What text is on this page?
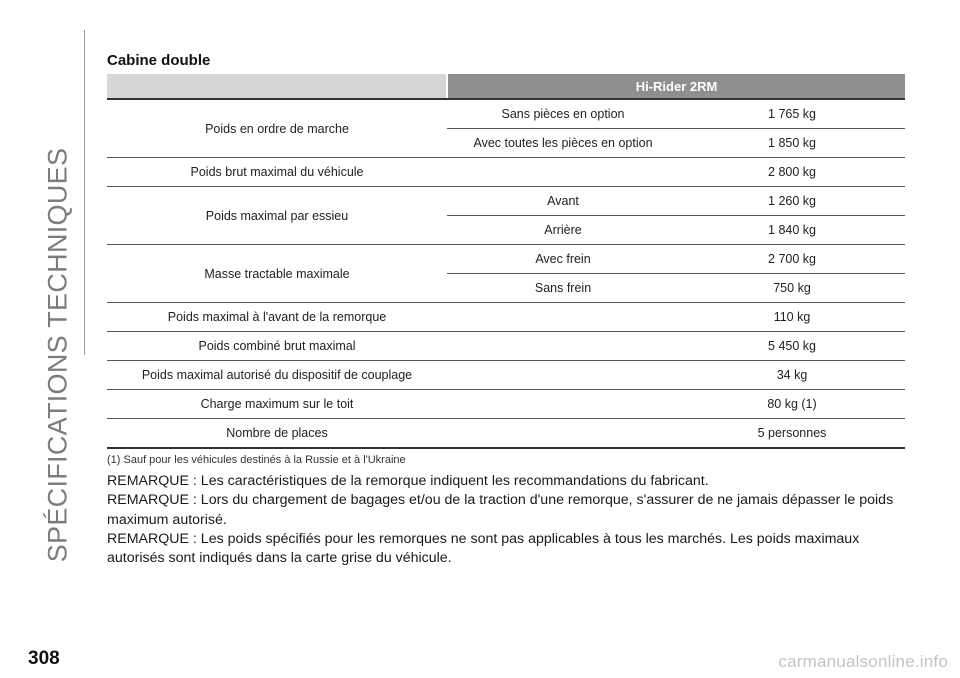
SPÉCIFICATIONS TECHNIQUES
Cabine double
	Hi-Rider 2RM	
Poids en ordre de marche	Sans pièces en option	1 765 kg
	Avec toutes les pièces en option	1 850 kg
Poids brut maximal du véhicule		2 800 kg
Poids maximal par essieu	Avant	1 260 kg
	Arrière	1 840 kg
Masse tractable maximale	Avec frein	2 700 kg
	Sans frein	750 kg
Poids maximal à l'avant de la remorque		110 kg
Poids combiné brut maximal		5 450 kg
Poids maximal autorisé du dispositif de couplage		34 kg
Charge maximum sur le toit		80 kg (1)
Nombre de places		5 personnes
(1) Sauf pour les véhicules destinés à la Russie et à l'Ukraine

REMARQUE : Les caractéristiques de la remorque indiquent les recommandations du fabricant.

REMARQUE : Lors du chargement de bagages et/ou de la traction d'une remorque, s'assurer de ne jamais dépasser le poids maximum autorisé.

REMARQUE : Les poids spécifiés pour les remorques ne sont pas applicables à tous les marchés. Les poids maximaux autorisés sont indiqués dans la carte grise du véhicule.

308	carmanualsonline.info
